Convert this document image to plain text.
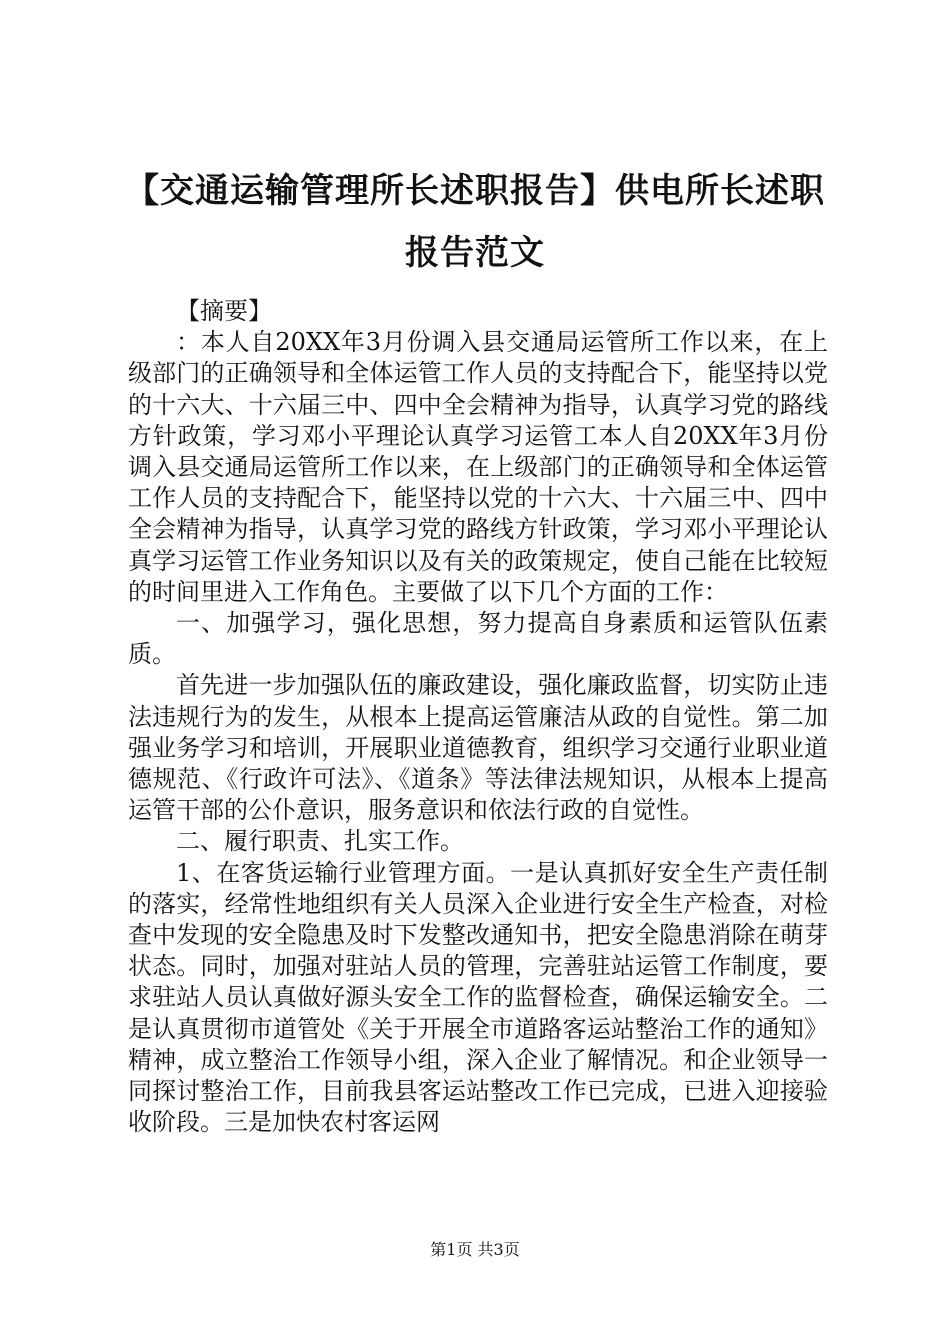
【交通运输管理所长述职报告】供电所长述职报告范文

【摘要】

：本人自20XX年3月份调入县交通局运管所工作以来，在上级部门的正确领导和全体运管工作人员的支持配合下，能坚持以党的十六大、十六届三中、四中全会精神为指导，认真学习党的路线方针政策，学习邓小平理论认真学习运管工本人自20XX年3月份调入县交通局运管所工作以来，在上级部门的正确领导和全体运管工作人员的支持配合下，能坚持以党的十六大、十六届三中、四中全会精神为指导，认真学习党的路线方针政策，学习邓小平理论认真学习运管工作业务知识以及有关的政策规定，使自己能在比较短的时间里进入工作角色。主要做了以下几个方面的工作：

一、加强学习，强化思想，努力提高自身素质和运管队伍素质。

首先进一步加强队伍的廉政建设，强化廉政监督，切实防止违法违规行为的发生，从根本上提高运管廉洁从政的自觉性。第二加强业务学习和培训，开展职业道德教育，组织学习交通行业职业道德规范、《行政许可法》、《道条》等法律法规知识，从根本上提高运管干部的公仆意识，服务意识和依法行政的自觉性。

二、履行职责、扎实工作。

1、在客货运输行业管理方面。一是认真抓好安全生产责任制的落实，经常性地组织有关人员深入企业进行安全生产检查，对检查中发现的安全隐患及时下发整改通知书，把安全隐患消除在萌芽状态。同时，加强对驻站人员的管理，完善驻站运管工作制度，要求驻站人员认真做好源头安全工作的监督检查，确保运输安全。二是认真贯彻市道管处《关于开展全市道路客运站整治工作的通知》精神，成立整治工作领导小组，深入企业了解情况。和企业领导一同探讨整治工作，目前我县客运站整改工作已完成，已进入迎接验收阶段。三是加快农村客运网

第1页 共3页
